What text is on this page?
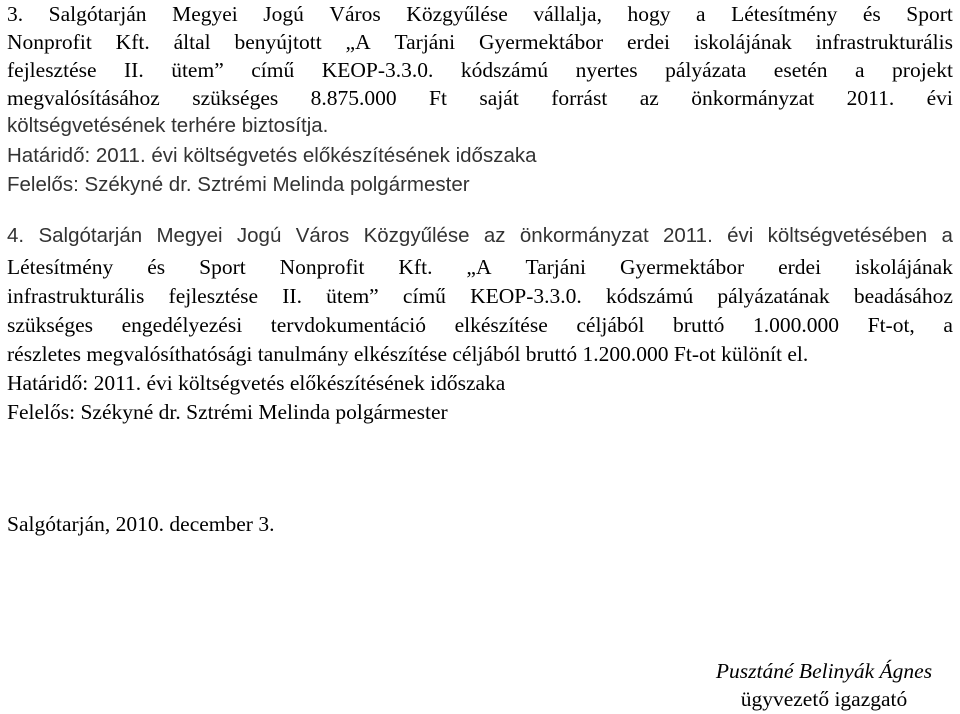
3. Salgótarján Megyei Jogú Város Közgyűlése vállalja, hogy a Létesítmény és Sport
Nonprofit Kft. által benyújtott „A Tarjáni Gyermektábor erdei iskolájának infrastrukturális
fejlesztése II. ütem” című KEOP-3.3.0. kódszámú nyertes pályázata esetén a projekt
megvalósításához szükséges 8.875.000 Ft saját forrást az önkormányzat 2011. évi
költségvetésének terhére biztosítja.
Határidő: 2011. évi költségvetés előkészítésének időszaka
Felelős: Székyné dr. Sztrémi Melinda polgármester
4. Salgótarján Megyei Jogú Város Közgyűlése az önkormányzat 2011. évi költségvetésében a
Létesítmény és Sport Nonprofit Kft. „A Tarjáni Gyermektábor erdei iskolájának
infrastrukturális fejlesztése II. ütem” című KEOP-3.3.0. kódszámú pályázatának beadásához
szükséges engedélyezési tervdokumentáció elkészítése céljából bruttó 1.000.000 Ft-ot, a
részletes megvalósíthatósági tanulmány elkészítése céljából bruttó 1.200.000 Ft-ot különít el.
Határidő: 2011. évi költségvetés előkészítésének időszaka
Felelős: Székyné dr. Sztrémi Melinda polgármester
Salgótarján, 2010. december 3.
Pusztáné Belinyák Ágnes
ügyvezető igazgató
